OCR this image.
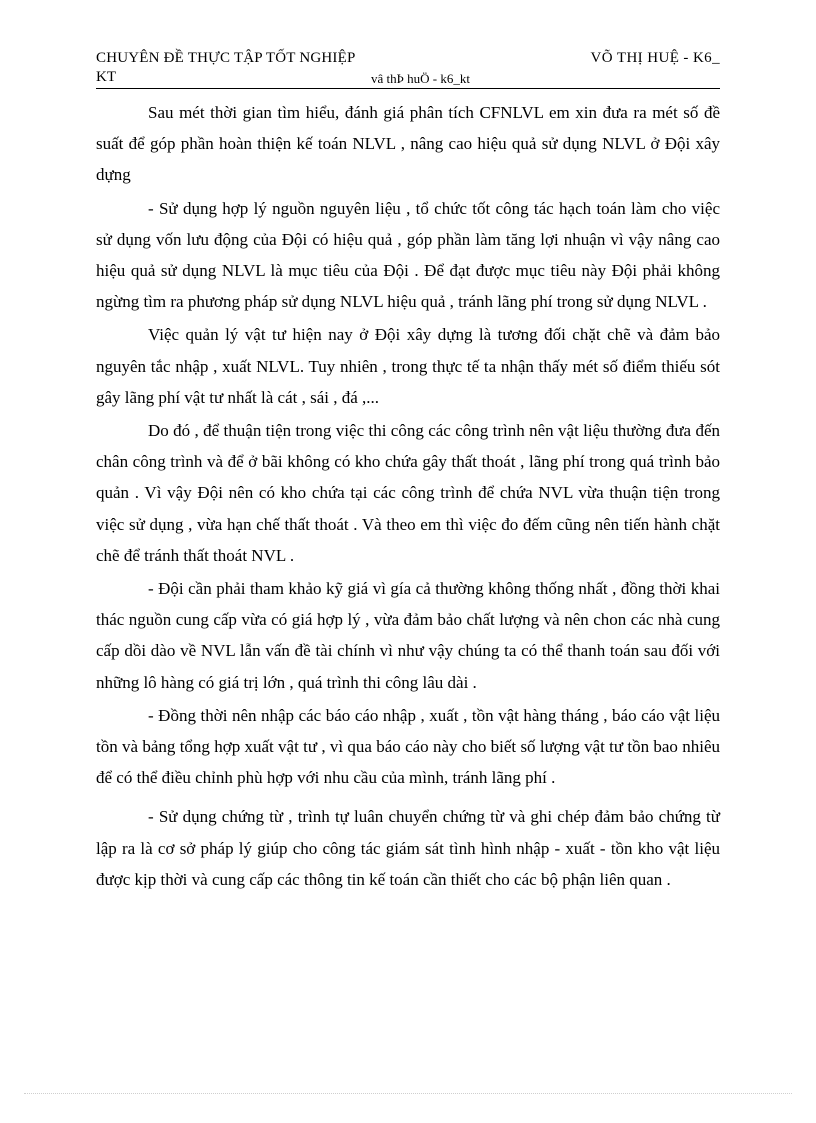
CHUYÊN ĐỀ THỰC TẬP TỐT NGHIỆP	VÕ THỊ HUỆ - K6_
KT	vâ thÞ huÖ - k6_kt

Sau mét thời gian tìm hiểu, đánh giá phân tích CFNLVL em xin đưa ra mét số đề suất để góp phần hoàn thiện kế toán NLVL , nâng cao hiệu quả sử dụng NLVL ở Đội xây dựng

- Sử dụng hợp lý nguồn nguyên liệu , tổ chức tốt công tác hạch toán làm cho việc sử dụng vốn lưu động của Đội có hiệu quả , góp phần làm tăng lợi nhuận vì vậy nâng cao hiệu quả sử dụng NLVL là mục tiêu của Đội . Để đạt được mục tiêu này Đội phải không ngừng tìm ra phương pháp sử dụng NLVL hiệu quả , tránh lãng phí trong sử dụng NLVL .

Việc quản lý vật tư hiện nay ở Đội xây dựng là tương đối chặt chẽ và đảm bảo nguyên tắc nhập , xuất NLVL. Tuy nhiên , trong thực tế ta nhận thấy mét số điểm thiếu sót gây lãng phí vật tư nhất là cát , sái , đá ,...

Do đó , để thuận tiện trong việc thi công các công trình nên vật liệu thường đưa đến chân công trình và để ở bãi không có kho chứa gây thất thoát , lãng phí trong quá trình bảo quản . Vì vậy Đội nên có kho chứa tại các công trình để chứa NVL vừa thuận tiện trong việc sử dụng , vừa hạn chế thất thoát . Và theo em thì việc đo đếm cũng nên tiến hành chặt chẽ để tránh thất thoát NVL .

- Đội cần phải tham khảo kỹ giá vì gía cả thường không thống nhất , đồng thời khai thác nguồn cung cấp vừa có giá hợp lý , vừa đảm bảo chất lượng và nên chon các nhà cung cấp dồi dào về NVL lẫn vấn đề tài chính vì như vậy chúng ta có thể thanh toán sau đối với những lô hàng có giá trị lớn , quá trình thi công lâu dài .

- Đồng thời nên nhập các báo cáo nhập , xuất , tồn vật hàng tháng , báo cáo vật liệu tồn và bảng tổng hợp xuất vật tư , vì qua báo cáo này cho biết số lượng vật tư tồn bao nhiêu để có thể điều chỉnh phù hợp với nhu cầu của mình, tránh lãng phí .

- Sử dụng chứng từ , trình tự luân chuyển chứng từ và ghi chép đảm bảo chứng từ lập ra là cơ sở pháp lý giúp cho công tác giám sát tình hình nhập - xuất - tồn kho vật liệu được kịp thời và cung cấp các thông tin kế toán cần thiết cho các bộ phận liên quan .
